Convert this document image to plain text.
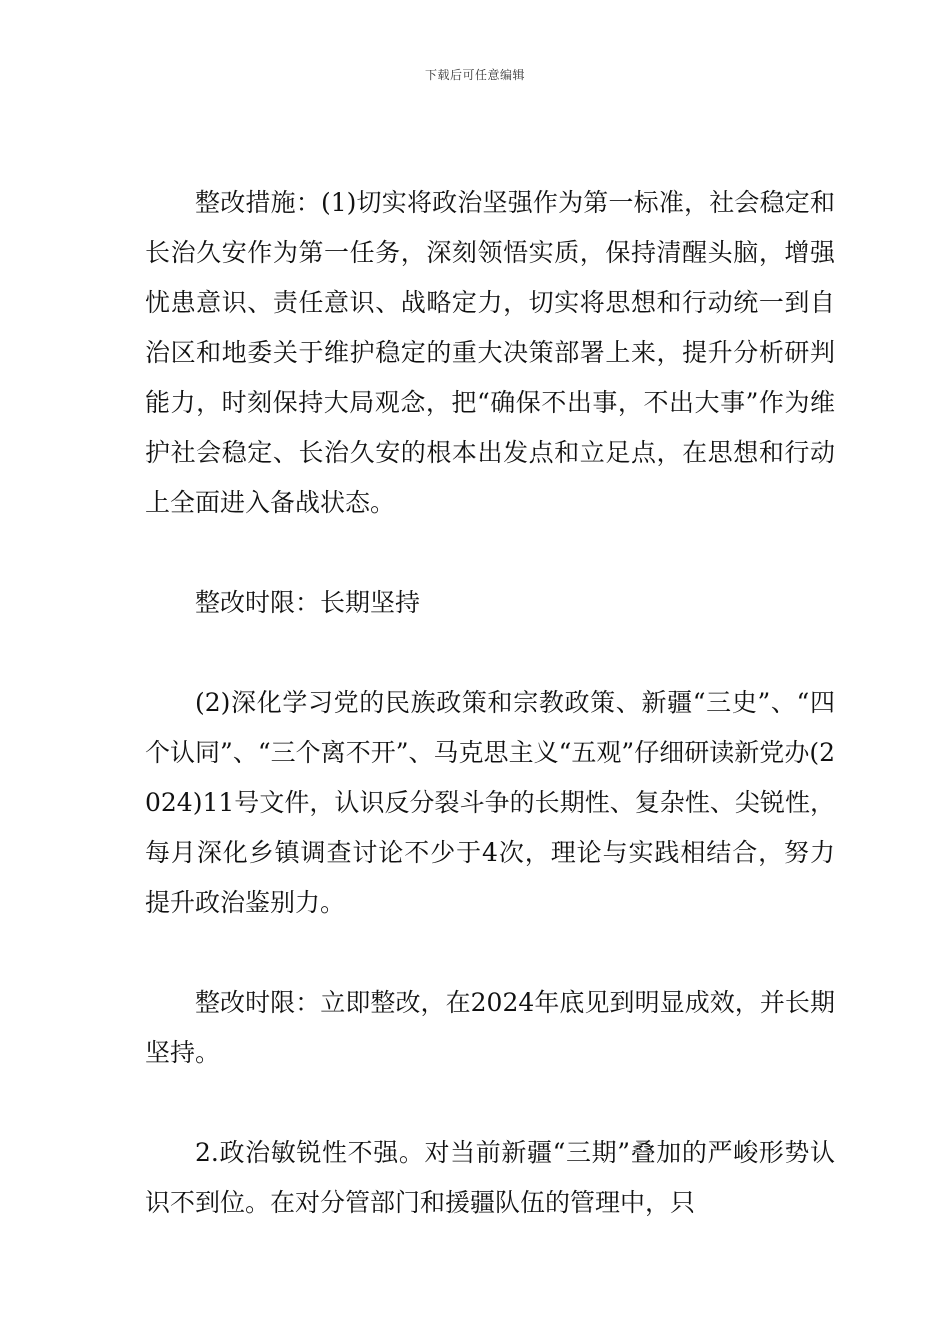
下载后可任意编辑

整改措施：(1)切实将政治坚强作为第一标准，社会稳定和长治久安作为第一任务，深刻领悟实质，保持清醒头脑，增强忧患意识、责任意识、战略定力，切实将思想和行动统一到自治区和地委关于维护稳定的重大决策部署上来，提升分析研判能力，时刻保持大局观念，把“确保不出事，不出大事”作为维护社会稳定、长治久安的根本出发点和立足点，在思想和行动上全面进入备战状态。

整改时限：长期坚持

(2)深化学习党的民族政策和宗教政策、新疆“三史”、“四个认同”、“三个离不开”、马克思主义“五观”仔细研读新党办(2024)11号文件，认识反分裂斗争的长期性、复杂性、尖锐性，每月深化乡镇调查讨论不少于4次，理论与实践相结合，努力提升政治鉴别力。

整改时限：立即整改，在2024年底见到明显成效，并长期坚持。

2.政治敏锐性不强。对当前新疆“三期”叠加的严峻形势认识不到位。在对分管部门和援疆队伍的管理中，只
